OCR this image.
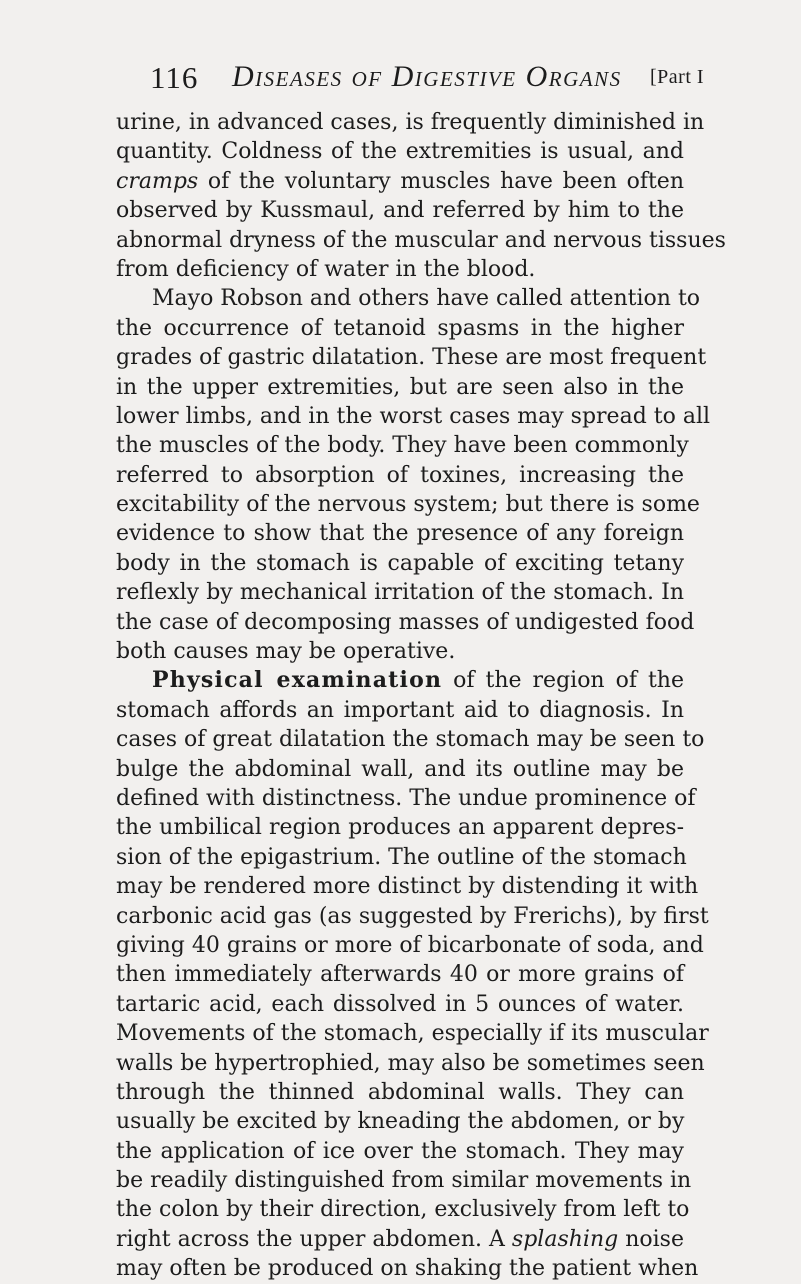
116 Diseases of Digestive Organs [Part I
urine, in advanced cases, is frequently diminished in
quantity. Coldness of the extremities is usual, and
cramps of the voluntary muscles have been often
observed by Kussmaul, and referred by him to the
abnormal dryness of the muscular and nervous tissues
from deficiency of water in the blood.
Mayo Robson and others have called attention to
the occurrence of tetanoid spasms in the higher
grades of gastric dilatation. These are most frequent
in the upper extremities, but are seen also in the
lower limbs, and in the worst cases may spread to all
the muscles of the body. They have been commonly
referred to absorption of toxines, increasing the
excitability of the nervous system; but there is some
evidence to show that the presence of any foreign
body in the stomach is capable of exciting tetany
reflexly by mechanical irritation of the stomach. In
the case of decomposing masses of undigested food
both causes may be operative.
Physical examination of the region of the
stomach affords an important aid to diagnosis. In
cases of great dilatation the stomach may be seen to
bulge the abdominal wall, and its outline may be
defined with distinctness. The undue prominence of
the umbilical region produces an apparent depres-
sion of the epigastrium. The outline of the stomach
may be rendered more distinct by distending it with
carbonic acid gas (as suggested by Frerichs), by first
giving 40 grains or more of bicarbonate of soda, and
then immediately afterwards 40 or more grains of
tartaric acid, each dissolved in 5 ounces of water.
Movements of the stomach, especially if its muscular
walls be hypertrophied, may also be sometimes seen
through the thinned abdominal walls. They can
usually be excited by kneading the abdomen, or by
the application of ice over the stomach. They may
be readily distinguished from similar movements in
the colon by their direction, exclusively from left to
right across the upper abdomen. A splashing noise
may often be produced on shaking the patient when
